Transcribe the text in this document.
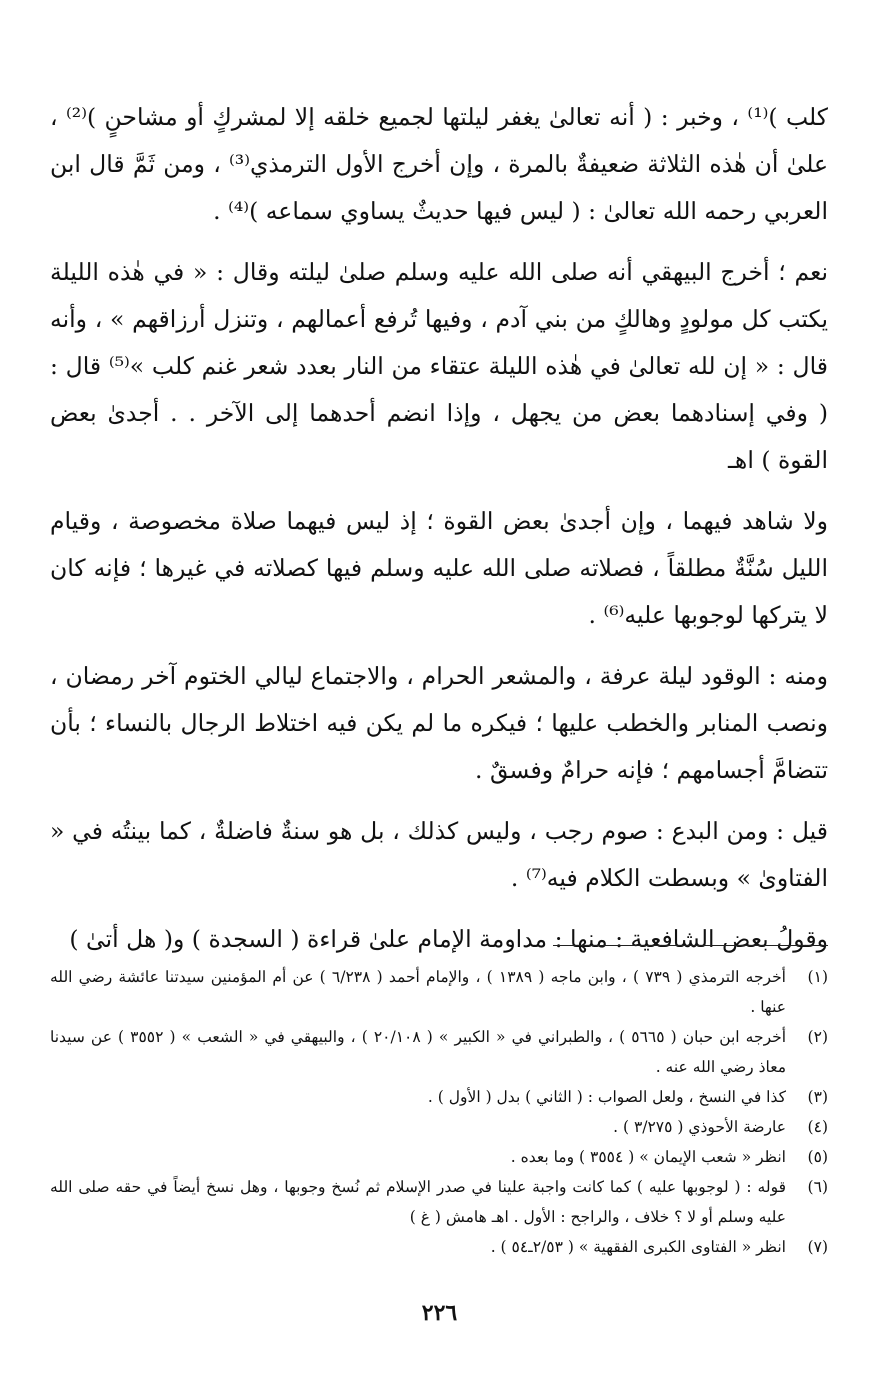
كلب )⁽¹⁾ ، وخبر : ( أنه تعالىٰ يغفر ليلتها لجميع خلقه إلا لمشركٍ أو مشاحنٍ )⁽²⁾ ، علىٰ أن هٰذه الثلاثة ضعيفةٌ بالمرة ، وإن أخرج الأول الترمذي⁽³⁾ ، ومن ثَمَّ قال ابن العربي رحمه الله تعالىٰ : ( ليس فيها حديثٌ يساوي سماعه )⁽⁴⁾ .

نعم ؛ أخرج البيهقي أنه صلى الله عليه وسلم صلىٰ ليلته وقال : « في هٰذه الليلة يكتب كل مولودٍ وهالكٍ من بني آدم ، وفيها تُرفع أعمالهم ، وتنزل أرزاقهم » ، وأنه قال : « إن لله تعالىٰ في هٰذه الليلة عتقاء من النار بعدد شعر غنم كلب »⁽⁵⁾ قال : ( وفي إسنادهما بعض من يجهل ، وإذا انضم أحدهما إلى الآخر . . أجدىٰ بعض القوة ) اهـ

ولا شاهد فيهما ، وإن أجدىٰ بعض القوة ؛ إذ ليس فيهما صلاة مخصوصة ، وقيام الليل سُنَّةٌ مطلقاً ، فصلاته صلى الله عليه وسلم فيها كصلاته في غيرها ؛ فإنه كان لا يتركها لوجوبها عليه⁽⁶⁾ .

ومنه : الوقود ليلة عرفة ، والمشعر الحرام ، والاجتماع ليالي الختوم آخر رمضان ، ونصب المنابر والخطب عليها ؛ فيكره ما لم يكن فيه اختلاط الرجال بالنساء ؛ بأن تتضامَّ أجسامهم ؛ فإنه حرامٌ وفسقٌ .

قيل : ومن البدع : صوم رجب ، وليس كذلك ، بل هو سنةٌ فاضلةٌ ، كما بينتُه في « الفتاوىٰ » وبسطت الكلام فيه⁽⁷⁾ .

وقولُ بعض الشافعية : منها : مداومة الإمام علىٰ قراءة ( السجدة ) و( هل أتىٰ )

(١)
أخرجه الترمذي ( ٧٣٩ ) ، وابن ماجه ( ١٣٨٩ ) ، والإمام أحمد ( ٦/٢٣٨ ) عن أم المؤمنين سيدتنا عائشة رضي الله عنها .
(٢)
أخرجه ابن حبان ( ٥٦٦٥ ) ، والطبراني في « الكبير » ( ٢٠/١٠٨ ) ، والبيهقي في « الشعب » ( ٣٥٥٢ ) عن سيدنا معاذ رضي الله عنه .
(٣)
كذا في النسخ ، ولعل الصواب : ( الثاني ) بدل ( الأول ) .
(٤)
عارضة الأحوذي ( ٣/٢٧٥ ) .
(٥)
انظر « شعب الإيمان » ( ٣٥٥٤ ) وما بعده .
(٦)
قوله : ( لوجوبها عليه ) كما كانت واجبة علينا في صدر الإسلام ثم نُسخ وجوبها ، وهل نسخ أيضاً في حقه صلى الله عليه وسلم أو لا ؟ خلاف ، والراجح : الأول . اهـ هامش ( غ )
(٧)
انظر « الفتاوى الكبرى الفقهية » ( ٢/٥٣ـ٥٤ ) .
٢٢٦
